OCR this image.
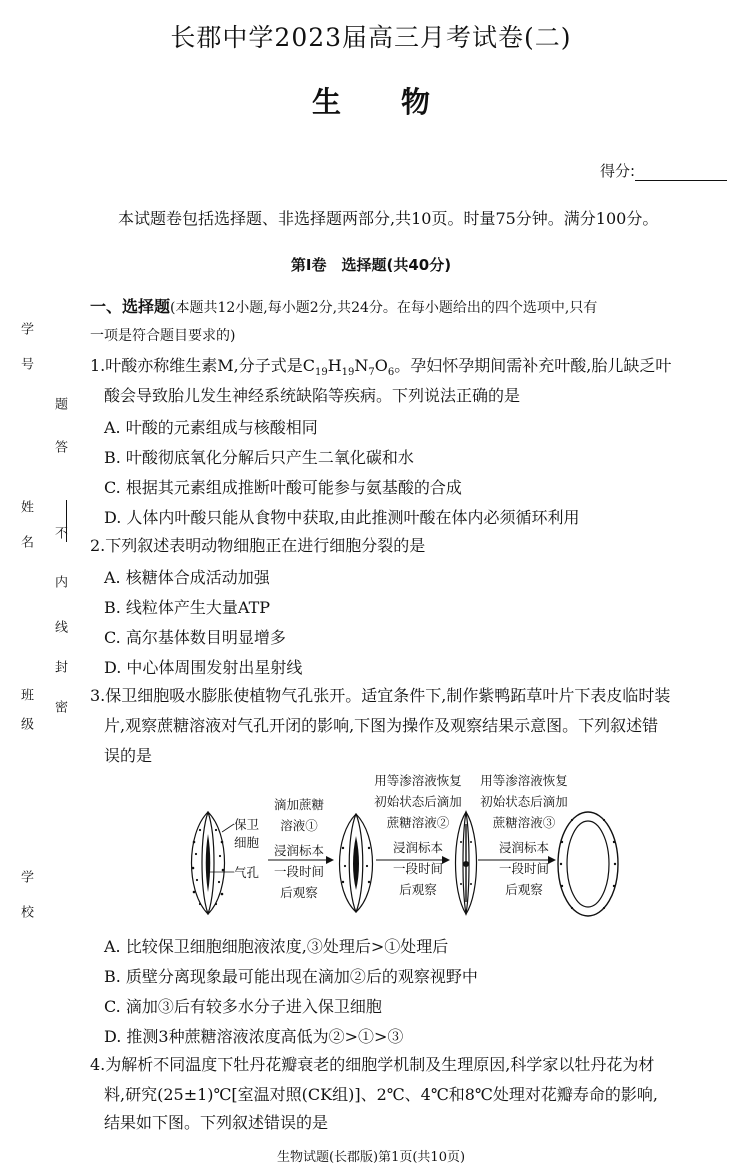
长郡中学2023届高三月考试卷(二)
生物
得分:
本试题卷包括选择题、非选择题两部分,共10页。时量75分钟。满分100分。
第Ⅰ卷　选择题(共40分)
学号
题
答
姓名 不
内
线
封
班级 密
学校
一、选择题(本题共12小题,每小题2分,共24分。在每小题给出的四个选项中,只有
一项是符合题目要求的)
1.叶酸亦称维生素M,分子式是$C_{19}H_{19}N_7O_6$。孕妇怀孕期间需补充叶酸,胎儿缺乏叶
酸会导致胎儿发生神经系统缺陷等疾病。下列说法正确的是
A. 叶酸的元素组成与核酸相同
B. 叶酸彻底氧化分解后只产生二氧化碳和水
C. 根据其元素组成推断叶酸可能参与氨基酸的合成
D. 人体内叶酸只能从食物中获取,由此推测叶酸在体内必须循环利用
2.下列叙述表明动物细胞正在进行细胞分裂的是
A. 核糖体合成活动加强
B. 线粒体产生大量ATP
C. 高尔基体数目明显增多
D. 中心体周围发射出星射线
3.保卫细胞吸水膨胀使植物气孔张开。适宜条件下,制作紫鸭跖草叶片下表皮临时装
片,观察蔗糖溶液对气孔开闭的影响,下图为操作及观察结果示意图。下列叙述错
误的是
保卫
细胞
气孔
滴加蔗糖
溶液①
浸润标本
一段时间
后观察
用等渗溶液恢复
初始状态后滴加
蔗糖溶液②
浸润标本
一段时间
后观察
用等渗溶液恢复
初始状态后滴加
蔗糖溶液③
浸润标本
一段时间
后观察
A. 比较保卫细胞细胞液浓度,③处理后>①处理后
B. 质壁分离现象最可能出现在滴加②后的观察视野中
C. 滴加③后有较多水分子进入保卫细胞
D. 推测3种蔗糖溶液浓度高低为②>①>③
4.为解析不同温度下牡丹花瓣衰老的细胞学机制及生理原因,科学家以牡丹花为材
料,研究(25±1)℃[室温对照(CK组)]、2℃、4℃和8℃处理对花瓣寿命的影响,
结果如下图。下列叙述错误的是
生物试题(长郡版)第1页(共10页)
